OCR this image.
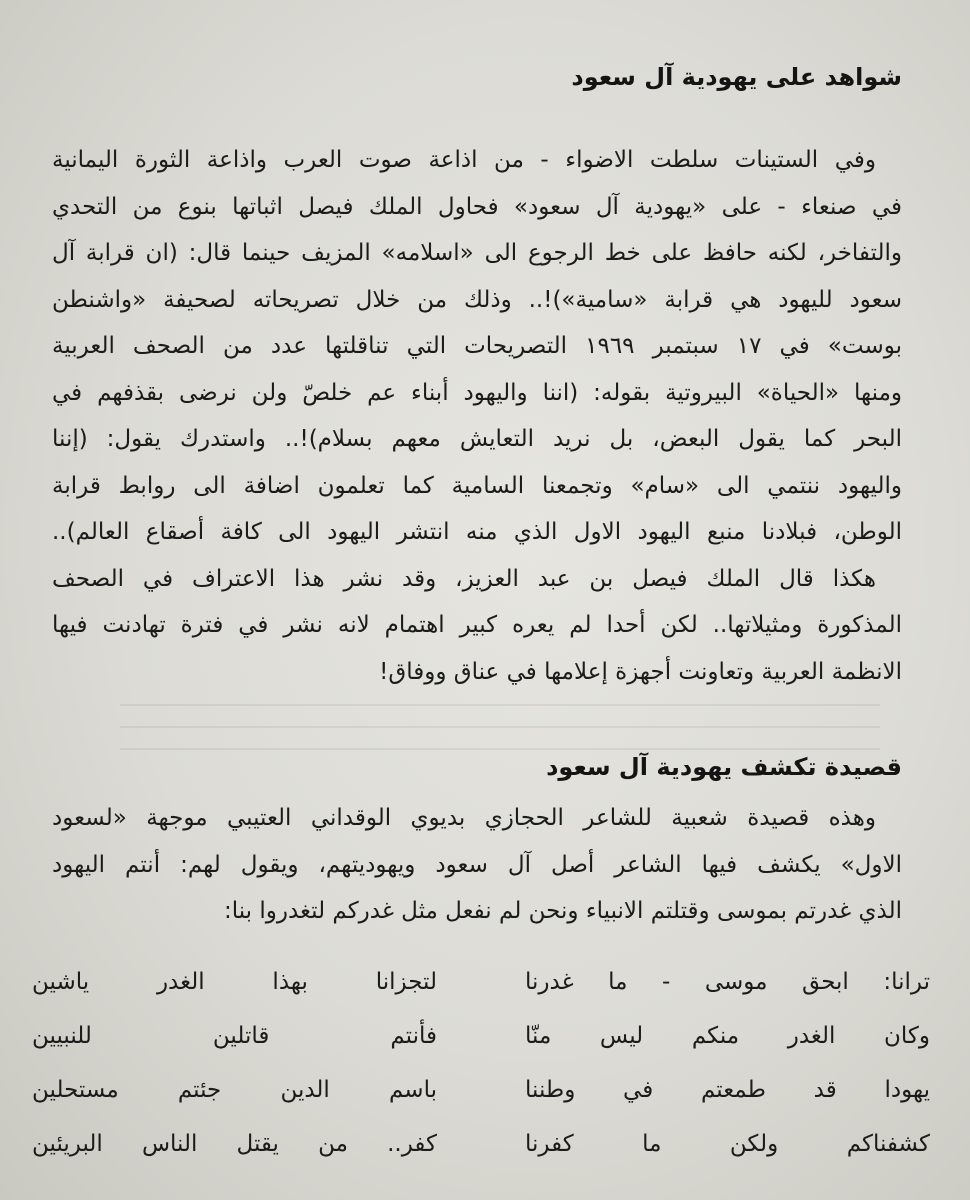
شواهد على يهودية آل سعود
وفي الستينات سلطت الاضواء - من اذاعة صوت العرب واذاعة الثورة اليمانية
في صنعاء - على «يهودية آل سعود» فحاول الملك فيصل اثباتها بنوع من التحدي
والتفاخر، لكنه حافظ على خط الرجوع الى «اسلامه» المزيف حينما قال: (ان قرابة آل
سعود لليهود هي قرابة «سامية»)!.. وذلك من خلال تصريحاته لصحيفة «واشنطن
بوست» في ١٧ سبتمبر ١٩٦٩ التصريحات التي تناقلتها عدد من الصحف العربية
ومنها «الحياة» البيروتية بقوله: (اننا واليهود أبناء عم خلصّ ولن نرضى بقذفهم في
البحر كما يقول البعض، بل نريد التعايش معهم بسلام)!.. واستدرك يقول: (إننا
واليهود ننتمي الى «سام» وتجمعنا السامية كما تعلمون اضافة الى روابط قرابة
الوطن، فبلادنا منبع اليهود الاول الذي منه انتشر اليهود الى كافة أصقاع العالم)..
هكذا قال الملك فيصل بن عبد العزيز، وقد نشر هذا الاعتراف في الصحف
المذكورة ومثيلاتها.. لكن أحدا لم يعره كبير اهتمام لانه نشر في فترة تهادنت فيها
الانظمة العربية وتعاونت أجهزة إعلامها في عناق ووفاق!
قصيدة تكشف يهودية آل سعود
وهذه قصيدة شعبية للشاعر الحجازي بديوي الوقداني العتيبي موجهة «لسعود
الاول» يكشف فيها الشاعر أصل آل سعود ويهوديتهم، ويقول لهم: أنتم اليهود
الذي غدرتم بموسى وقتلتم الانبياء ونحن لم نفعل مثل غدركم لتغدروا بنا:
ترانا: ابحق موسى - ما غدرنا
لتجزانا بهذا الغدر ياشين
وكان الغدر منكم ليس منّا
فأنتم قاتلين للنبيين
يهودا قد طمعتم في وطننا
باسم الدين جئتم مستحلين
كشفناكم ولكن ما كفرنا
كفر.. من يقتل الناس البريئين
